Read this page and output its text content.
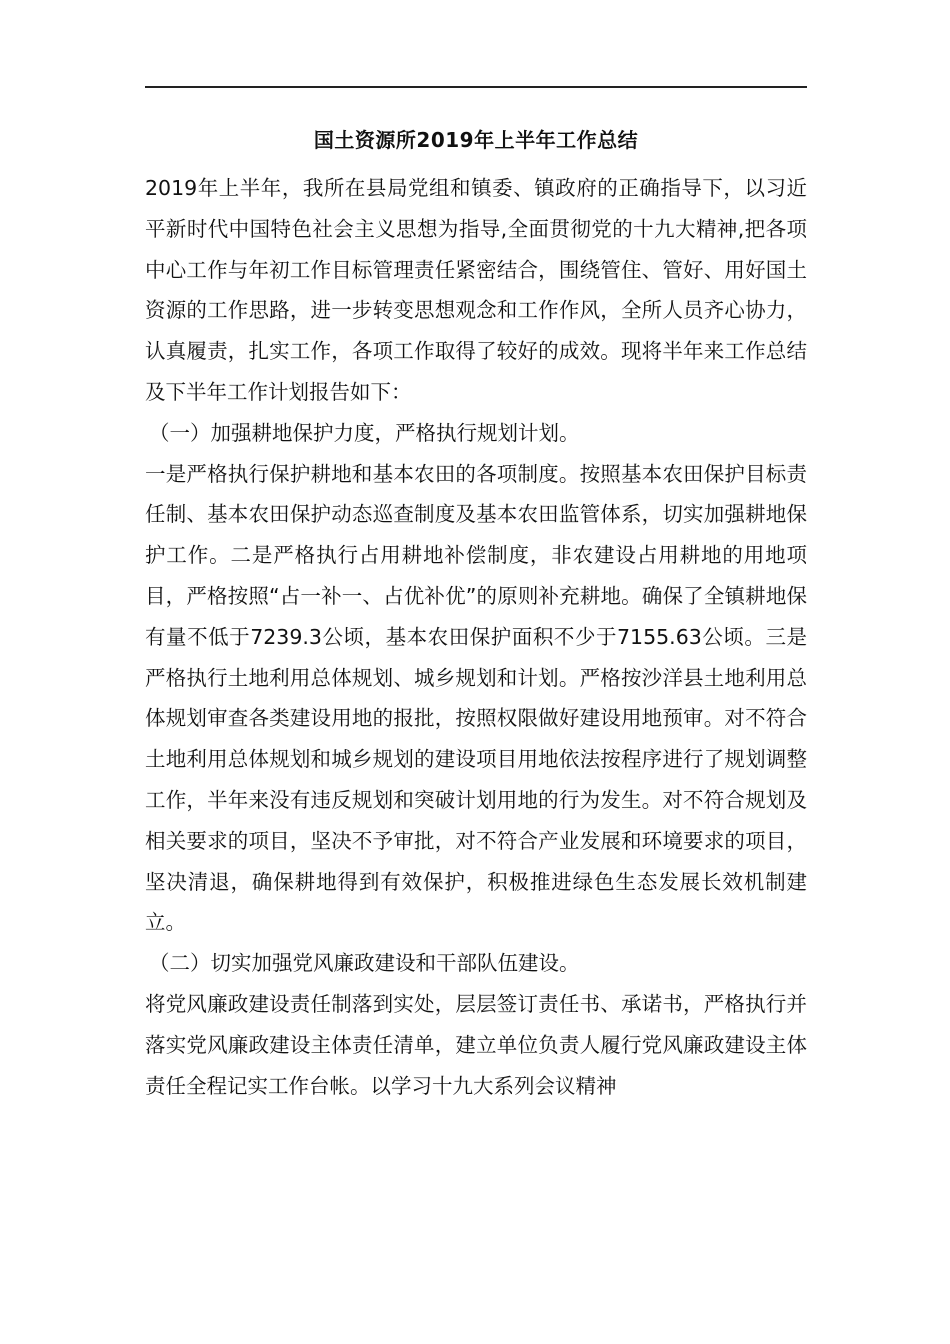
国土资源所2019年上半年工作总结

2019年上半年，我所在县局党组和镇委、镇政府的正确指导下，以习近平新时代中国特色社会主义思想为指导,全面贯彻党的十九大精神,把各项中心工作与年初工作目标管理责任紧密结合，围绕管住、管好、用好国土资源的工作思路，进一步转变思想观念和工作作风，全所人员齐心协力，认真履责，扎实工作，各项工作取得了较好的成效。现将半年来工作总结及下半年工作计划报告如下：

（一）加强耕地保护力度，严格执行规划计划。

一是严格执行保护耕地和基本农田的各项制度。按照基本农田保护目标责任制、基本农田保护动态巡查制度及基本农田监管体系，切实加强耕地保护工作。二是严格执行占用耕地补偿制度，非农建设占用耕地的用地项目，严格按照“占一补一、占优补优”的原则补充耕地。确保了全镇耕地保有量不低于7239.3公顷，基本农田保护面积不少于7155.63公顷。三是严格执行土地利用总体规划、城乡规划和计划。严格按沙洋县土地利用总体规划审查各类建设用地的报批，按照权限做好建设用地预审。对不符合土地利用总体规划和城乡规划的建设项目用地依法按程序进行了规划调整工作，半年来没有违反规划和突破计划用地的行为发生。对不符合规划及相关要求的项目，坚决不予审批，对不符合产业发展和环境要求的项目，坚决清退，确保耕地得到有效保护，积极推进绿色生态发展长效机制建立。

（二）切实加强党风廉政建设和干部队伍建设。

将党风廉政建设责任制落到实处，层层签订责任书、承诺书，严格执行并落实党风廉政建设主体责任清单，建立单位负责人履行党风廉政建设主体责任全程记实工作台帐。以学习十九大系列会议精神
